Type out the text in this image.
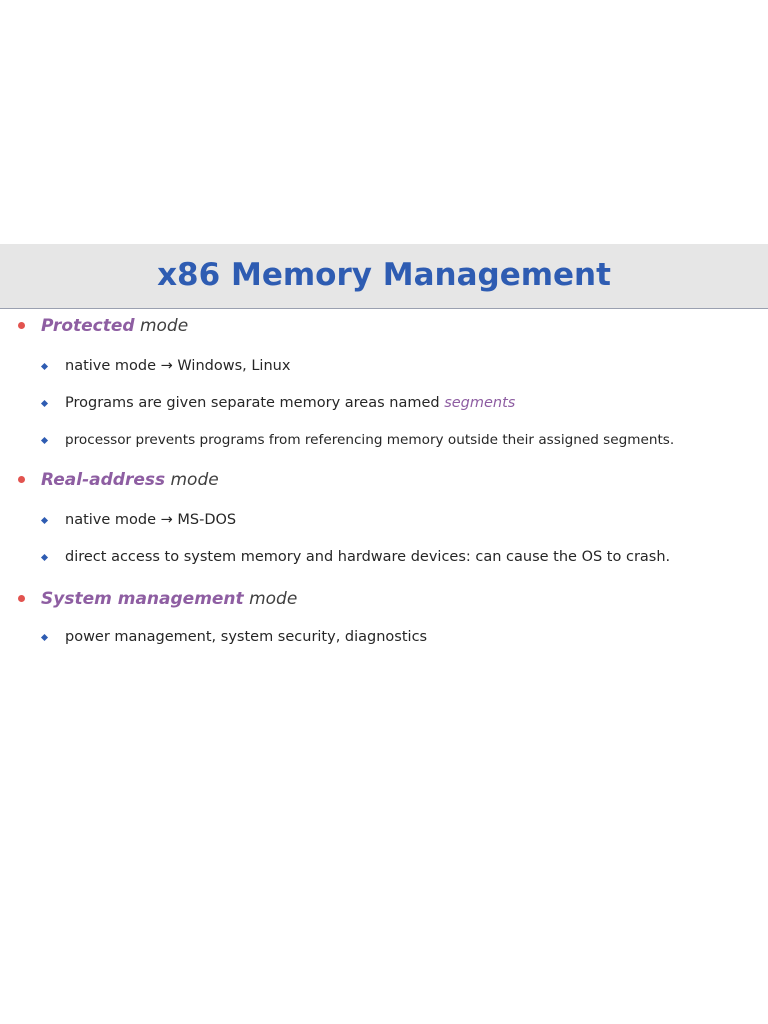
x86 Memory Management
Protected mode
native mode → Windows, Linux
Programs are given separate memory areas named segments
processor prevents programs from referencing memory outside their assigned segments.
Real-address mode
native mode → MS-DOS
direct access to system memory and hardware devices: can cause the OS to crash.
System management mode
power management, system security, diagnostics
